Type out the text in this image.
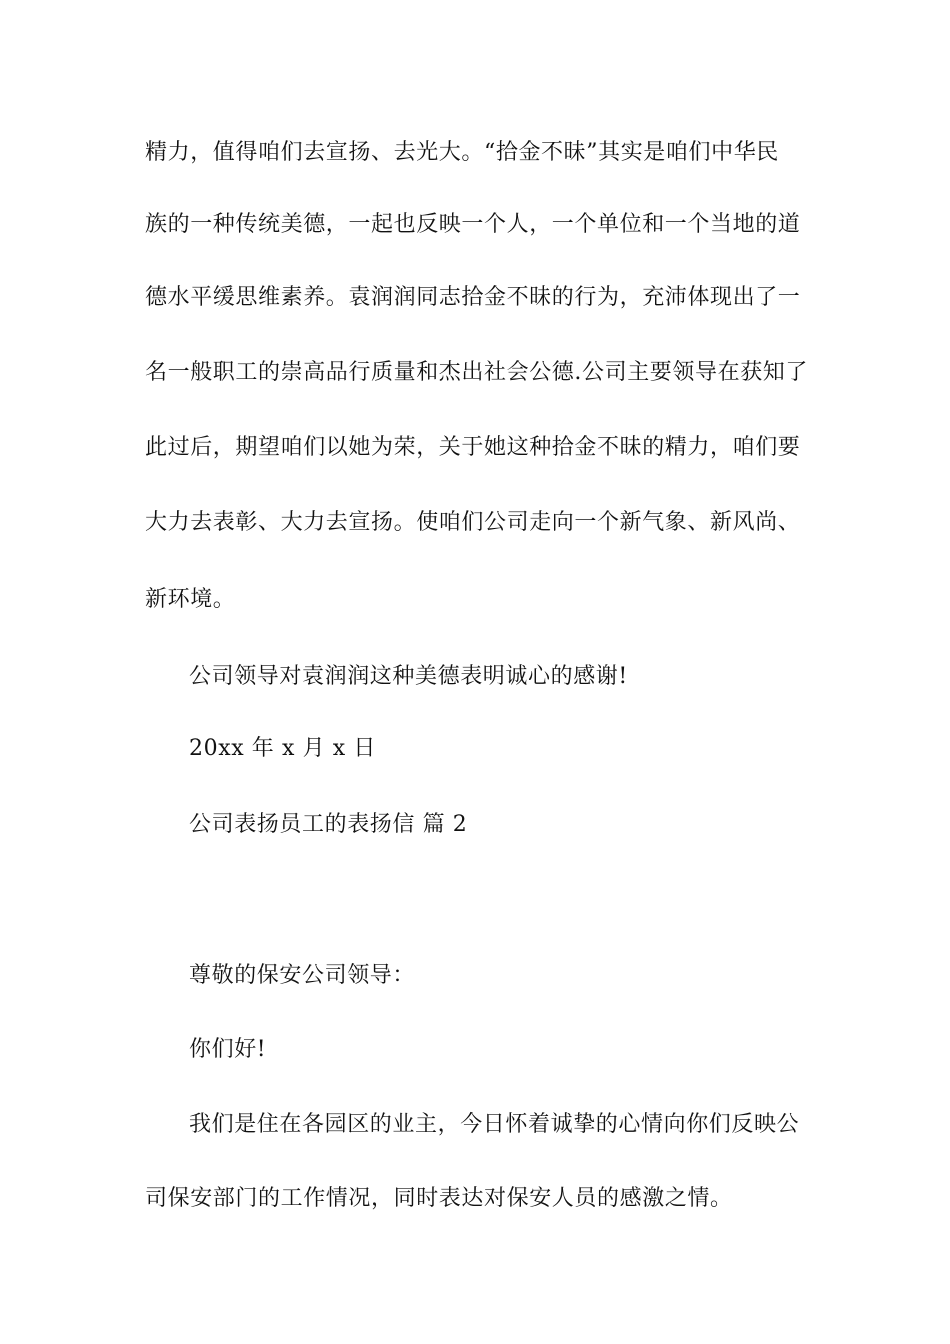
精力，值得咱们去宣扬、去光大。“拾金不昧”其实是咱们中华民
族的一种传统美德，一起也反映一个人，一个单位和一个当地的道
德水平缓思维素养。袁润润同志拾金不昧的行为，充沛体现出了一
名一般职工的崇高品行质量和杰出社会公德.公司主要领导在获知了
此过后，期望咱们以她为荣，关于她这种拾金不昧的精力，咱们要
大力去表彰、大力去宣扬。使咱们公司走向一个新气象、新风尚、
新环境。
公司领导对袁润润这种美德表明诚心的感谢!
20xx 年 x 月 x 日
公司表扬员工的表扬信 篇 2
尊敬的保安公司领导：
你们好!
我们是住在各园区的业主，今日怀着诚挚的心情向你们反映公
司保安部门的工作情况，同时表达对保安人员的感激之情。
